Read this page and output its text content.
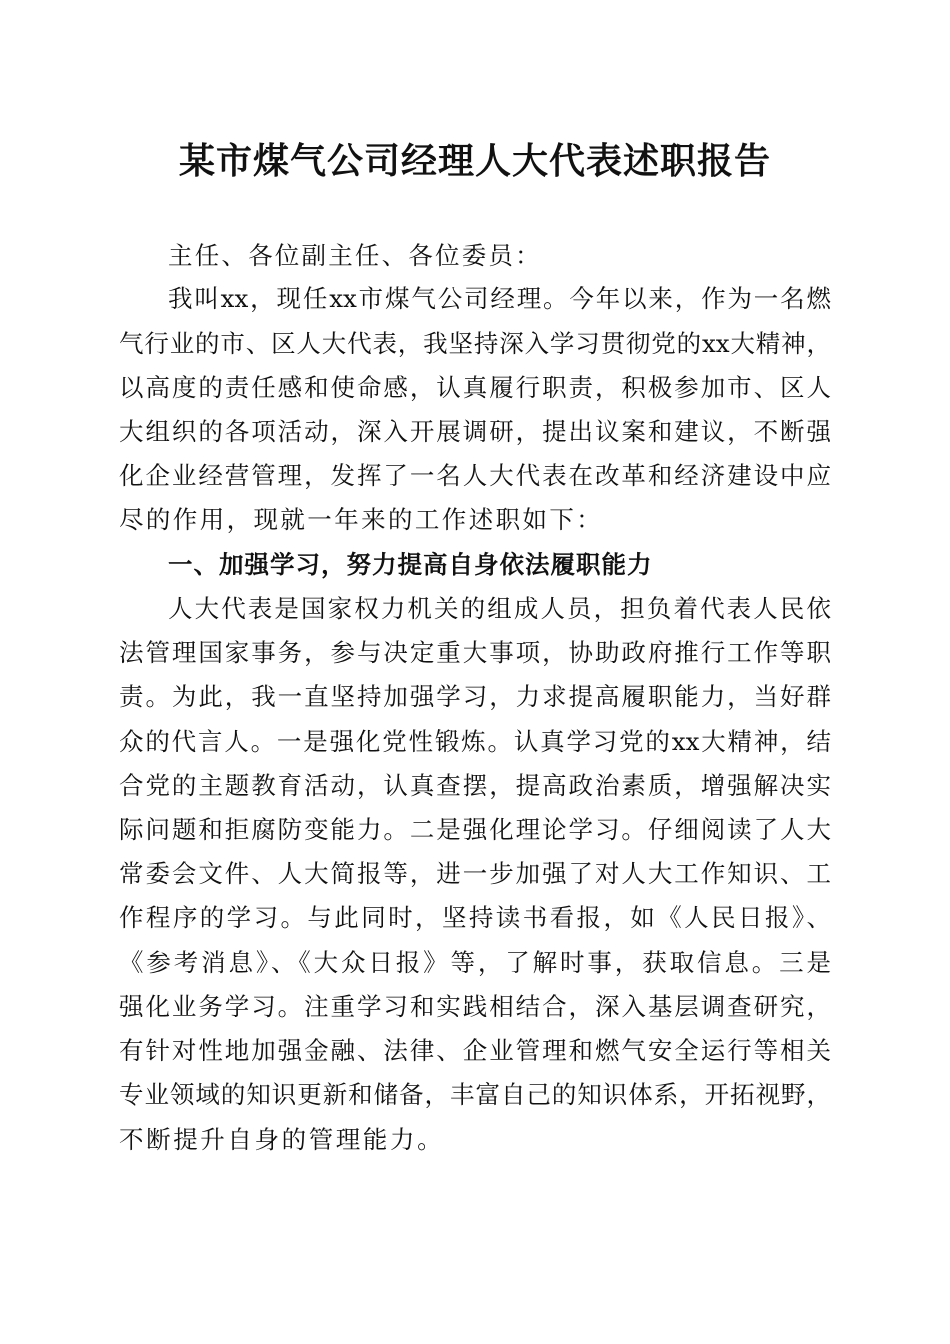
某市煤气公司经理人大代表述职报告

主任、各位副主任、各位委员：

我叫xx，现任xx市煤气公司经理。今年以来，作为一名燃

气行业的市、区人大代表，我坚持深入学习贯彻党的xx大精神，

以高度的责任感和使命感，认真履行职责，积极参加市、区人

大组织的各项活动，深入开展调研，提出议案和建议，不断强

化企业经营管理，发挥了一名人大代表在改革和经济建设中应

尽的作用，现就一年来的工作述职如下：

一、加强学习，努力提高自身依法履职能力

人大代表是国家权力机关的组成人员，担负着代表人民依

法管理国家事务，参与决定重大事项，协助政府推行工作等职

责。为此，我一直坚持加强学习，力求提高履职能力，当好群

众的代言人。一是强化党性锻炼。认真学习党的xx大精神，结

合党的主题教育活动，认真查摆，提高政治素质，增强解决实

际问题和拒腐防变能力。二是强化理论学习。仔细阅读了人大

常委会文件、人大简报等，进一步加强了对人大工作知识、工

作程序的学习。与此同时，坚持读书看报，如《人民日报》、

《参考消息》、《大众日报》等，了解时事，获取信息。三是

强化业务学习。注重学习和实践相结合，深入基层调查研究，

有针对性地加强金融、法律、企业管理和燃气安全运行等相关

专业领域的知识更新和储备，丰富自己的知识体系，开拓视野，

不断提升自身的管理能力。
